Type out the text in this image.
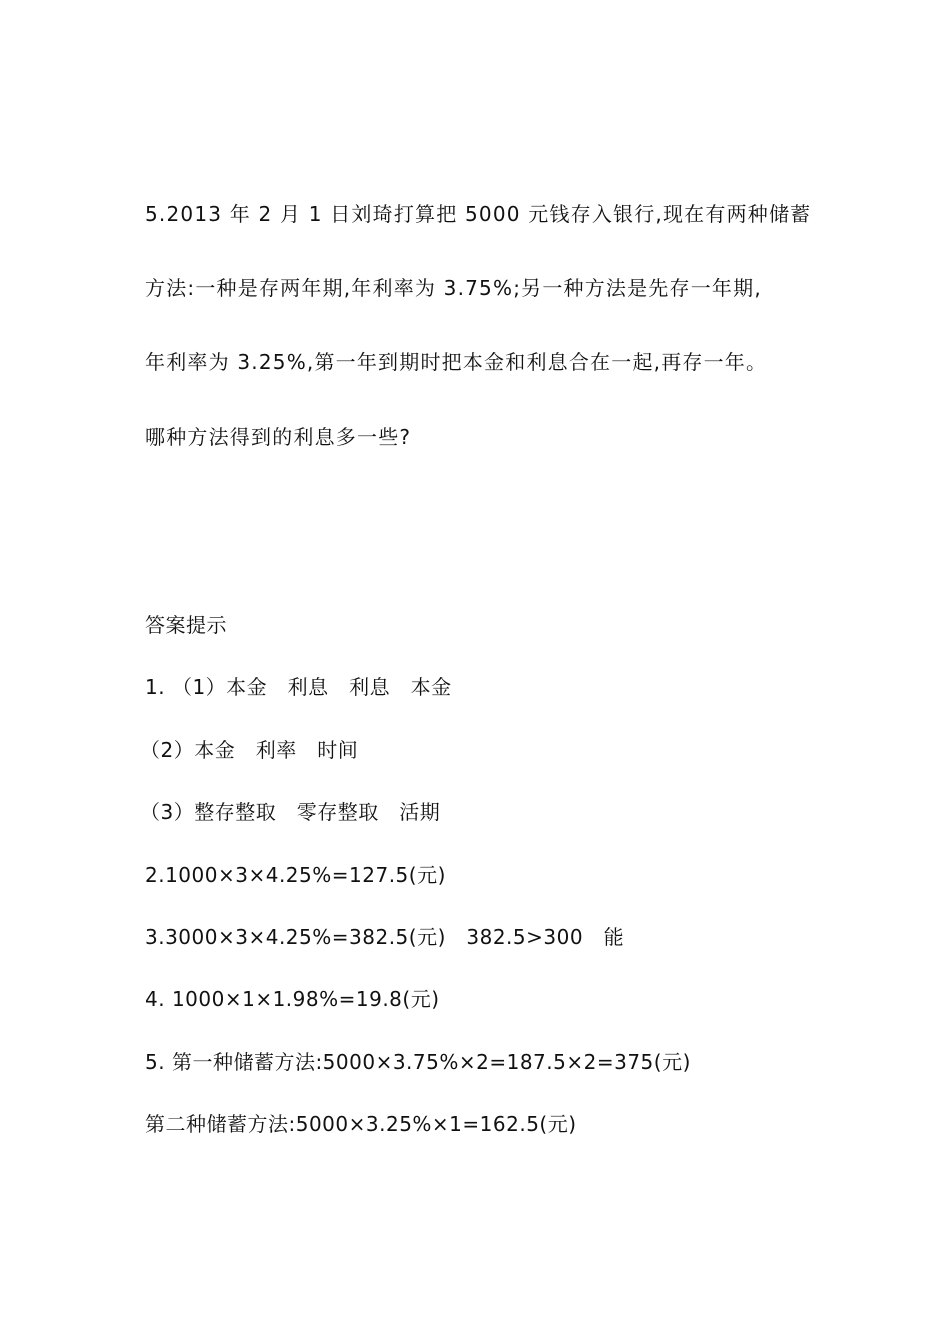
5.2013 年 2 月 1 日刘琦打算把 5000 元钱存入银行,现在有两种储蓄
方法:一种是存两年期,年利率为 3.75%;另一种方法是先存一年期,
年利率为 3.25%,第一年到期时把本金和利息合在一起,再存一年。
哪种方法得到的利息多一些?
答案提示
1. （1）本金　利息　利息　本金
（2）本金　利率　时间
（3）整存整取　零存整取　活期
2.1000×3×4.25%=127.5(元)
3.3000×3×4.25%=382.5(元)　382.5>300　能
4. 1000×1×1.98%=19.8(元)
5. 第一种储蓄方法:5000×3.75%×2=187.5×2=375(元)
第二种储蓄方法:5000×3.25%×1=162.5(元)
